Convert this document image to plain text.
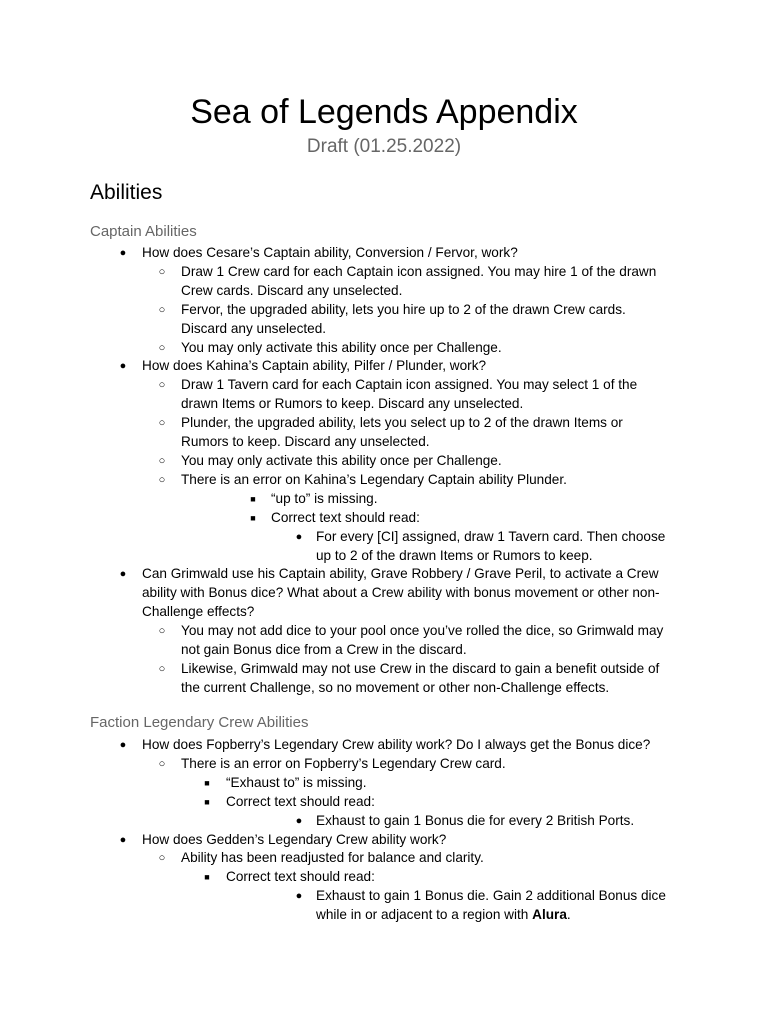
Sea of Legends Appendix
Draft (01.25.2022)
Abilities
Captain Abilities
●	How does Cesare’s Captain ability, Conversion / Fervor, work?
○	Draw 1 Crew card for each Captain icon assigned. You may hire 1 of the drawn Crew cards. Discard any unselected.
○	Fervor, the upgraded ability, lets you hire up to 2 of the drawn Crew cards. Discard any unselected.
○	You may only activate this ability once per Challenge.
●	How does Kahina’s Captain ability, Pilfer / Plunder, work?
○	Draw 1 Tavern card for each Captain icon assigned. You may select 1 of the drawn Items or Rumors to keep. Discard any unselected.
○	Plunder, the upgraded ability, lets you select up to 2 of the drawn Items or Rumors to keep. Discard any unselected.
○	You may only activate this ability once per Challenge.
○	There is an error on Kahina’s Legendary Captain ability Plunder.
■	“up to” is missing.
■	Correct text should read:
●	For every [CI] assigned, draw 1 Tavern card. Then choose up to 2 of the drawn Items or Rumors to keep.
●	Can Grimwald use his Captain ability, Grave Robbery / Grave Peril, to activate a Crew ability with Bonus dice? What about a Crew ability with bonus movement or other non-Challenge effects?
○	You may not add dice to your pool once you’ve rolled the dice, so Grimwald may not gain Bonus dice from a Crew in the discard.
○	Likewise, Grimwald may not use Crew in the discard to gain a benefit outside of the current Challenge, so no movement or other non-Challenge effects.
Faction Legendary Crew Abilities
●	How does Fopberry’s Legendary Crew ability work? Do I always get the Bonus dice?
○	There is an error on Fopberry’s Legendary Crew card.
■	“Exhaust to” is missing.
■	Correct text should read:
●	Exhaust to gain 1 Bonus die for every 2 British Ports.
●	How does Gedden’s Legendary Crew ability work?
○	Ability has been readjusted for balance and clarity.
■	Correct text should read:
●	Exhaust to gain 1 Bonus die. Gain 2 additional Bonus dice while in or adjacent to a region with Alura.
